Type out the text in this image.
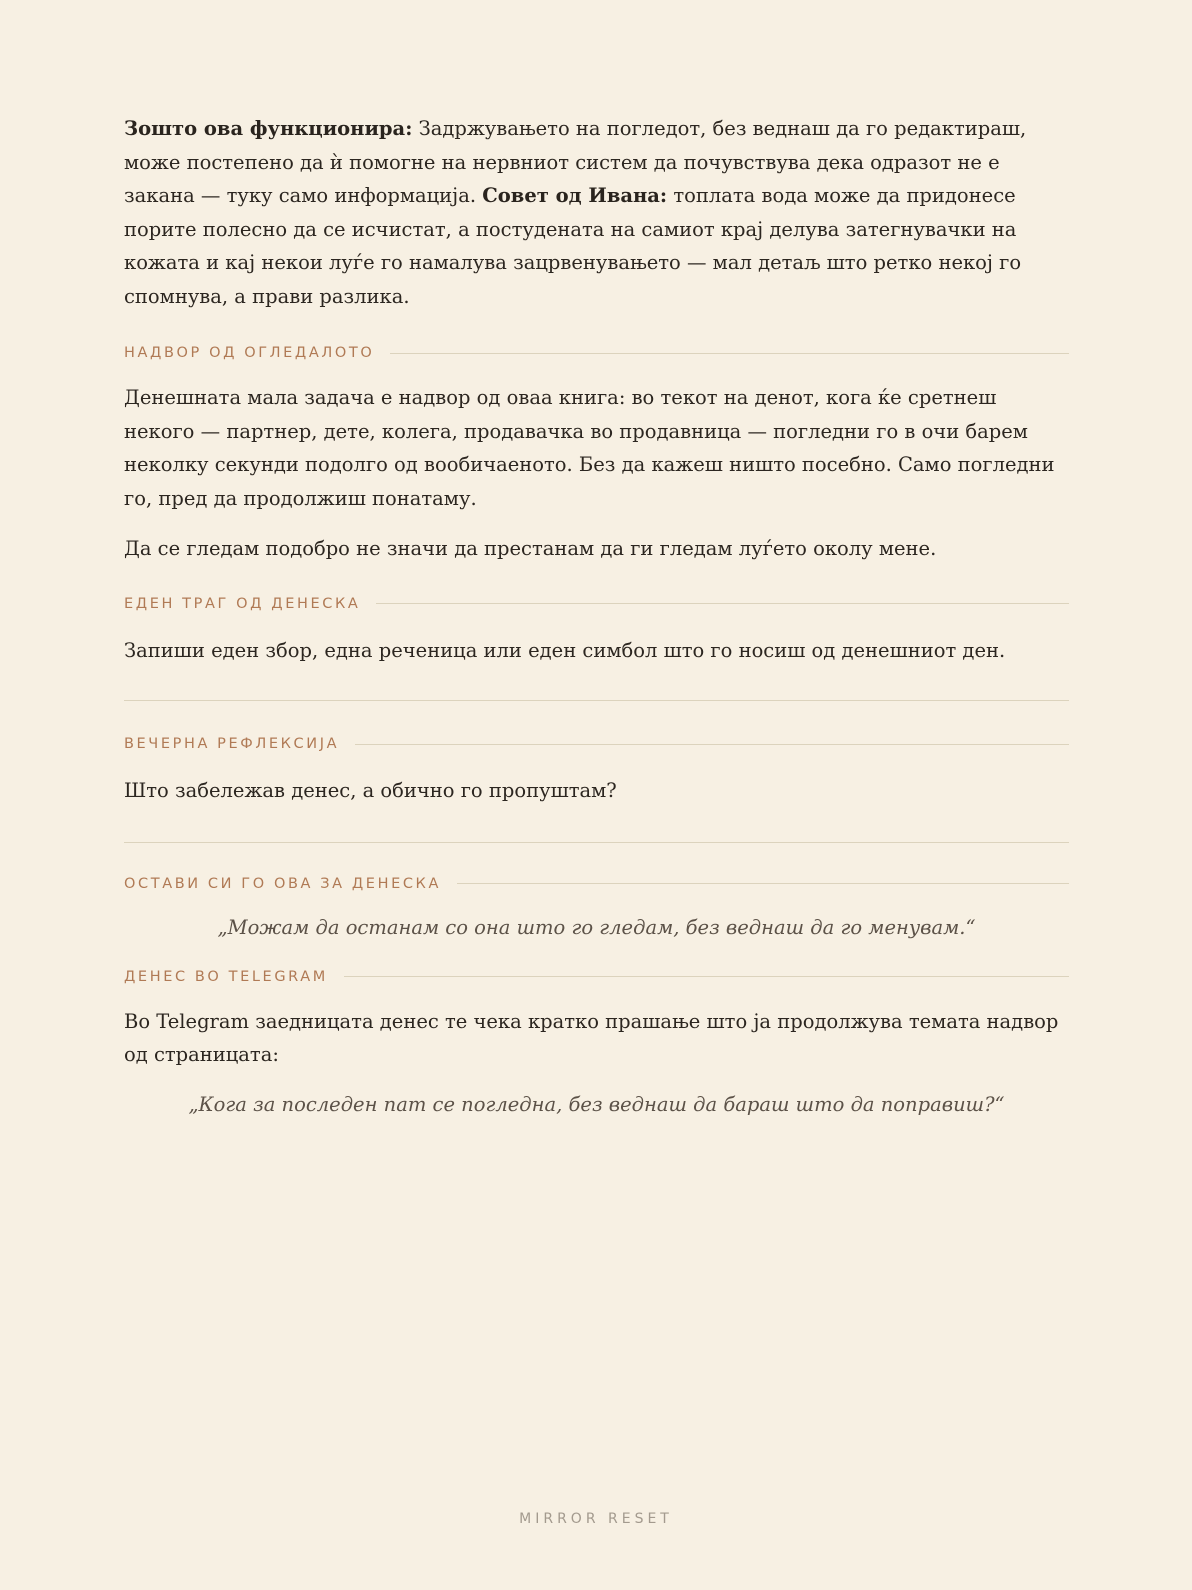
Зошто ова функционира: Задржувањето на погледот, без веднаш да го редактираш, може постепено да ѝ помогне на нервниот систем да почувствува дека одразот не е закана — туку само информација. Совет од Ивана: топлата вода може да придонесе порите полесно да се исчистат, а постудената на самиот крај делува затегнувачки на кожата и кај некои луѓе го намалува зацрвенувањето — мал детаљ што ретко некој го спомнува, а прави разлика.

НАДВОР ОД ОГЛЕДАЛОТО

Денешната мала задача е надвор од оваа книга: во текот на денот, кога ќе сретнеш некого — партнер, дете, колега, продавачка во продавница — погледни го в очи барем неколку секунди подолго од вообичаеното. Без да кажеш ништо посебно. Само погледни го, пред да продолжиш понатаму.

Да се гледам подобро не значи да престанам да ги гледам луѓето околу мене.

ЕДЕН ТРАГ ОД ДЕНЕСКА

Запиши еден збор, една реченица или еден симбол што го носиш од денешниот ден.

ВЕЧЕРНА РЕФЛЕКСИЈА

Што забележав денес, а обично го пропуштам?

ОСТАВИ СИ ГО ОВА ЗА ДЕНЕСКА

„Можам да останам со она што го гледам, без веднаш да го менувам.“

ДЕНЕС ВО TELEGRAM

Во Telegram заедницата денес те чека кратко прашање што ја продолжува темата надвор од страницата:

„Кога за последен пат се погледна, без веднаш да бараш што да поправиш?“

MIRROR RESET
